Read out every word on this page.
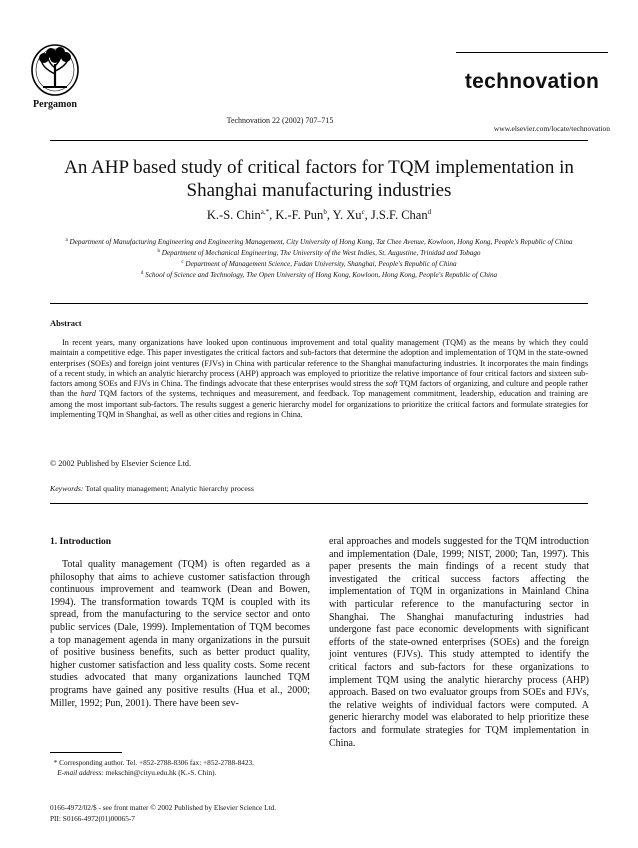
Pergamon
Technovation 22 (2002) 707–715
technovation
www.elsevier.com/locate/technovation
An AHP based study of critical factors for TQM implementation in Shanghai manufacturing industries
K.-S. Chin$^{a,*}$, K.-F. Pun$^b$, Y. Xu$^c$, J.S.F. Chan$^d$
$^a$ Department of Manufacturing Engineering and Engineering Management, City University of Hong Kong, Tat Chee Avenue, Kowloon, Hong Kong, People's Republic of China
$^b$ Department of Mechanical Engineering, The University of the West Indies, St. Augustine, Trinidad and Tobago
$^c$ Department of Management Science, Fudan University, Shanghai, People's Republic of China
$^d$ School of Science and Technology, The Open University of Hong Kong, Kowloon, Hong Kong, People's Republic of China
Abstract

In recent years, many organizations have looked upon continuous improvement and total quality management (TQM) as the means by which they could maintain a competitive edge. This paper investigates the critical factors and sub-factors that determine the adoption and implementation of TQM in the state-owned enterprises (SOEs) and foreign joint ventures (FJVs) in China with particular reference to the Shanghai manufacturing industries. It incorporates the main findings of a recent study, in which an analytic hierarchy process (AHP) approach was employed to prioritize the relative importance of four critical factors and sixteen sub-factors among SOEs and FJVs in China. The findings advocate that these enterprises would stress the soft TQM factors of organizing, and culture and people rather than the hard TQM factors of the systems, techniques and measurement, and feedback. Top management commitment, leadership, education and training are among the most important sub-factors. The results suggest a generic hierarchy model for organizations to prioritize the critical factors and formulate strategies for implementing TQM in Shanghai, as well as other cities and regions in China.

© 2002 Published by Elsevier Science Ltd.
Keywords: Total quality management; Analytic hierarchy process
1. Introduction

Total quality management (TQM) is often regarded as a philosophy that aims to achieve customer satisfaction through continuous improvement and teamwork (Dean and Bowen, 1994). The transformation towards TQM is coupled with its spread, from the manufacturing to the service sector and onto public services (Dale, 1999). Implementation of TQM becomes a top management agenda in many organizations in the pursuit of positive business benefits, such as better product quality, higher customer satisfaction and less quality costs. Some recent studies advocated that many organizations launched TQM programs have gained any positive results (Hua et al., 2000; Miller, 1992; Pun, 2001). There have been sev-

eral approaches and models suggested for the TQM introduction and implementation (Dale, 1999; NIST, 2000; Tan, 1997). This paper presents the main findings of a recent study that investigated the critical success factors affecting the implementation of TQM in organizations in Mainland China with particular reference to the manufacturing sector in Shanghai. The Shanghai manufacturing industries had undergone fast pace economic developments with significant efforts of the state-owned enterprises (SOEs) and the foreign joint ventures (FJVs). This study attempted to identify the critical factors and sub-factors for these organizations to implement TQM using the analytic hierarchy process (AHP) approach. Based on two evaluator groups from SOEs and FJVs, the relative weights of individual factors were computed. A generic hierarchy model was elaborated to help prioritize these factors and formulate strategies for TQM implementation in China.

* Corresponding author. Tel. +852-2788-8306 fax: +852-2788-8423.

E-mail address: mekschin@cityu.edu.hk (K.-S. Chin).

0166-4972/02/$ - see front matter © 2002 Published by Elsevier Science Ltd.

PII: S0166-4972(01)00065-7
